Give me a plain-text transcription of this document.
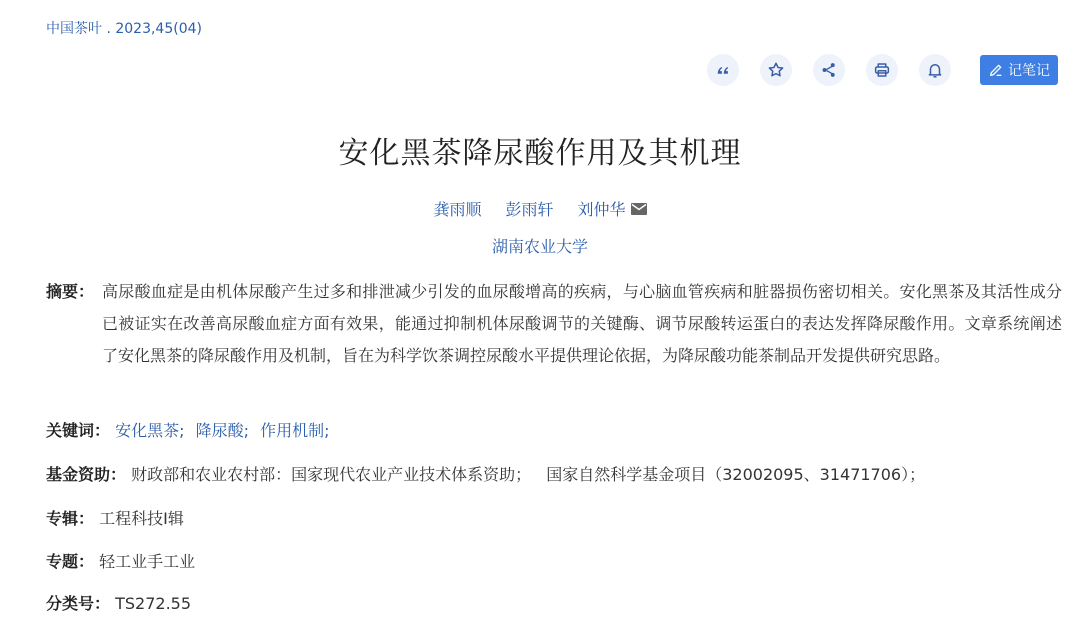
中国茶叶 . 2023,45(04)
记笔记
安化黑茶降尿酸作用及其机理
龚雨顺 彭雨轩 刘仲华
湖南农业大学
摘要： 高尿酸血症是由机体尿酸产生过多和排泄减少引发的血尿酸增高的疾病，与心脑血管疾病和脏器损伤密切相关。安化黑茶及其活性成分已被证实在改善高尿酸血症方面有效果，能通过抑制机体尿酸调节的关键酶、调节尿酸转运蛋白的表达发挥降尿酸作用。文章系统阐述了安化黑茶的降尿酸作用及机制，旨在为科学饮茶调控尿酸水平提供理论依据，为降尿酸功能茶制品开发提供研究思路。
关键词： 安化黑茶; 降尿酸; 作用机制;
基金资助： 财政部和农业农村部：国家现代农业产业技术体系资助； 国家自然科学基金项目（32002095、31471706）；
专辑： 工程科技Ⅰ辑
专题： 轻工业手工业
分类号： TS272.55
